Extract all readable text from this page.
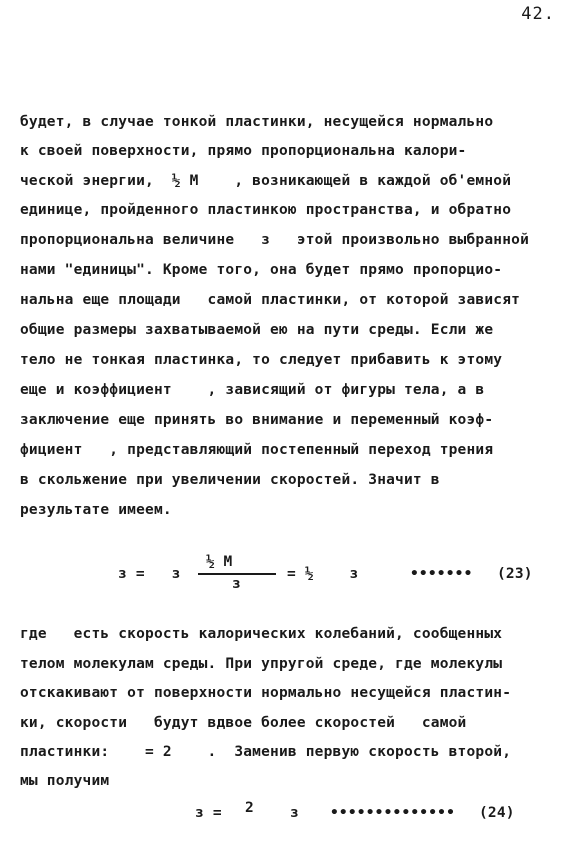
42.
будет, в случае тонкой пластинки, несущейся нормально
к своей поверхности, прямо пропорциональна калори-
ческой энергии,  ½ M    , возникающей в каждой об'емной
единице, пройденного пластинкою пространства, и обратно
пропорциональна величине   з   этой произвольно выбранной
нами "единицы". Кроме того, она будет прямо пропорцио-
нальна еще площади   самой пластинки, от которой зависят
общие размеры захватываемой ею на пути среды. Если же
тело не тонкая пластинка, то следует прибавить к этому
еще и коэффициент    , зависящий от фигуры тела, а в
заключение еще принять во внимание и переменный коэф-
фициент   , представляющий постепенный переход трения
в скольжение при увеличении скоростей. Значит в
результате имеем.
з =   з
½ M
з
= ½    з	••••••• (23)
где   есть скорость калорических колебаний, сообщенных
телом молекулам среды. При упругой среде, где молекулы
отскакивают от поверхности нормально несущейся пластин-
ки, скорости   будут вдвое более скоростей   самой
пластинки:    = 2    .  Заменив первую скорость второй,
мы получим
з = 2 з •••••••••••••• (24)
